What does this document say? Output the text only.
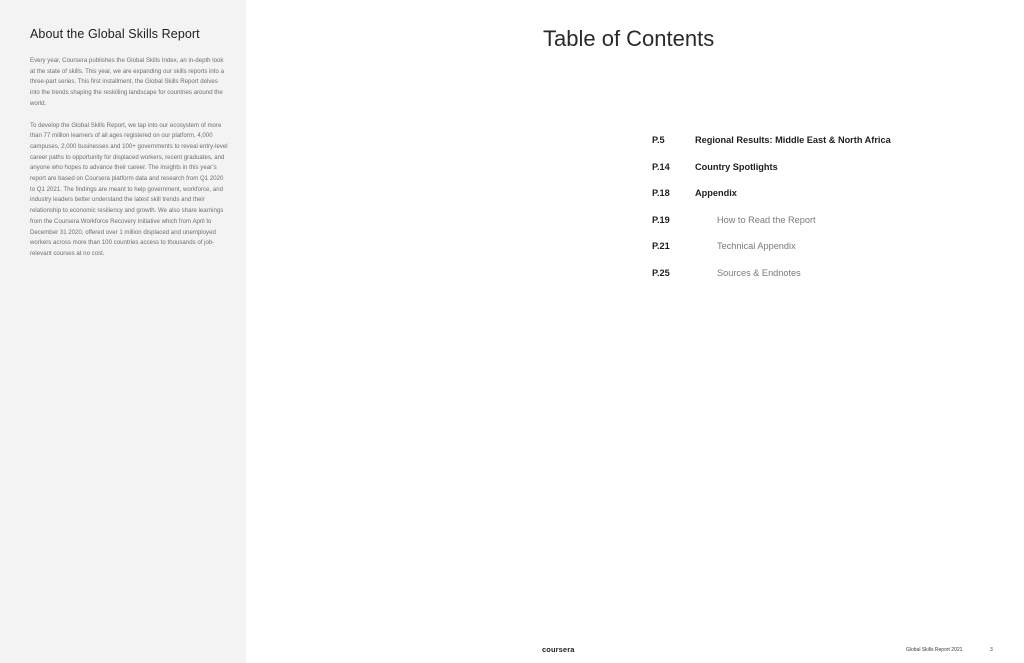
About the Global Skills Report

Every year, Coursera publishes the Global Skills Index, an in-depth look at the state of skills. This year, we are expanding our skills reports into a three-part series. This first installment, the Global Skills Report delves into the trends shaping the reskilling landscape for countries around the world.

To develop the Global Skills Report, we tap into our ecosystem of more than 77 million learners of all ages registered on our platform, 4,000 campuses, 2,000 businesses and 100+ governments to reveal entry-level career paths to opportunity for displaced workers, recent graduates, and anyone who hopes to advance their career. The insights in this year’s report are based on Coursera platform data and research from Q1 2020 to Q1 2021. The findings are meant to help government, workforce, and industry leaders better understand the latest skill trends and their relationship to economic resiliency and growth. We also share learnings from the Coursera Workforce Recovery Initiative which from April to December 31 2020, offered over 1 million displaced and unemployed workers across more than 100 countries access to thousands of job-relevant courses at no cost.

Table of Contents
P.5	Regional Results: Middle East & North Africa
P.14	Country Spotlights
P.18	Appendix
P.19	How to Read the Report
P.21	Technical Appendix
P.25	Sources & Endnotes
coursera	Global Skills Report 2021	3
